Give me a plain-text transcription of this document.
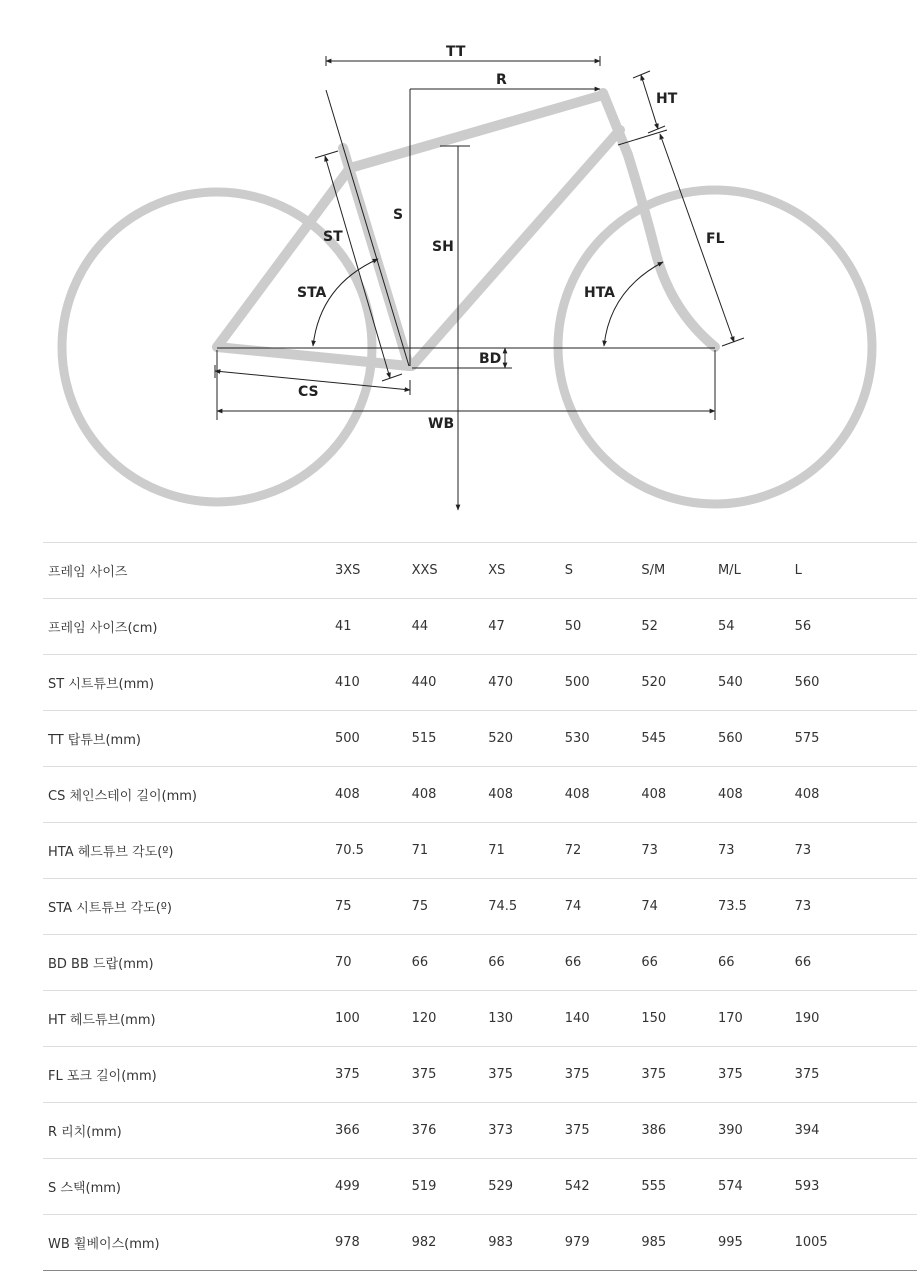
TT
R
HT
S
SH
ST
STA
FL
HTA
BD
CS
WB
프레임 사이즈	3XS	XXS	XS	S	S/M	M/L	L
프레임 사이즈(cm)	41	44	47	50	52	54	56
ST 시트튜브(mm)	410	440	470	500	520	540	560
TT 탑튜브(mm)	500	515	520	530	545	560	575
CS 체인스테이 길이(mm)	408	408	408	408	408	408	408
HTA 헤드튜브 각도(º)	70.5	71	71	72	73	73	73
STA 시트튜브 각도(º)	75	75	74.5	74	74	73.5	73
BD BB 드랍(mm)	70	66	66	66	66	66	66
HT 헤드튜브(mm)	100	120	130	140	150	170	190
FL 포크 길이(mm)	375	375	375	375	375	375	375
R 리치(mm)	366	376	373	375	386	390	394
S 스택(mm)	499	519	529	542	555	574	593
WB 휠베이스(mm)	978	982	983	979	985	995	1005
